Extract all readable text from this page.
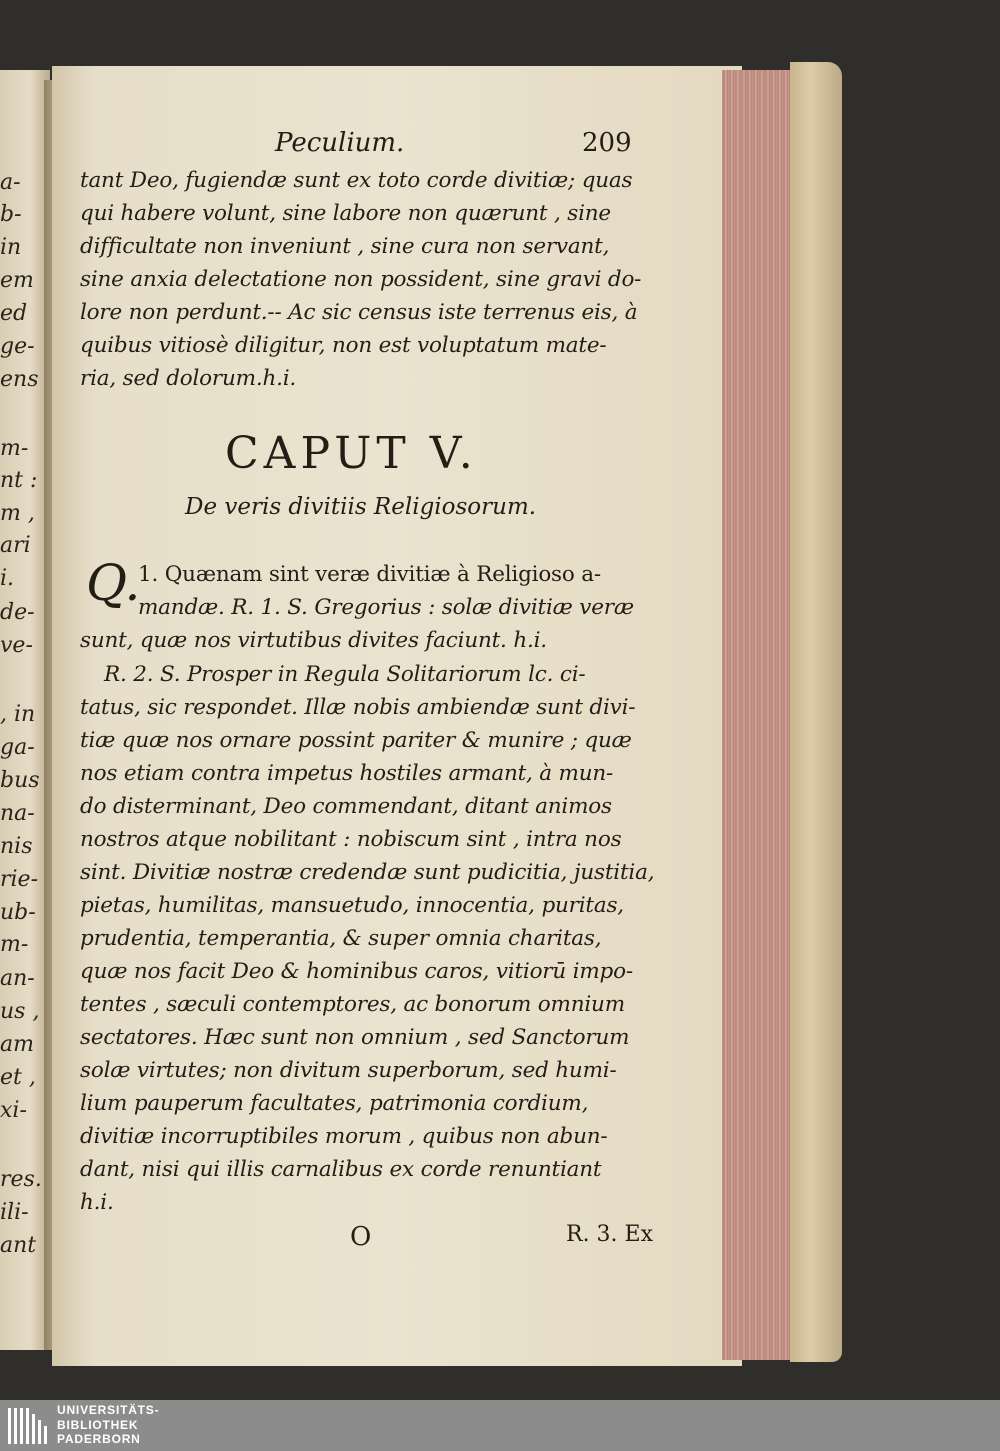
a-
b-
in
em
ed
ge-
ens
m-
nt :
m ,
ari
i.
de-
ve-
, in
ga-
bus
na-
nis
rie-
ub-
m-
an-
us ,
am
et ,
xi-
res.
ili-
ant
Peculium.	209
tant Deo, fugiendæ sunt ex toto corde divitiæ; quas
qui habere volunt, sine labore non quærunt , sine
difficultate non inveniunt , sine cura non servant,
sine anxia delectatione non possident, sine gravi do-
lore non perdunt.-- Ac sic census iste terrenus eis, à
quibus vitiosè diligitur, non est voluptatum mate-
ria, sed dolorum.h.i.
CAPUT V.
De veris divitiis Religiosorum.
Q.
1. Quænam sint veræ divitiæ à Religioso a-
mandæ. R. 1. S. Gregorius : solæ divitiæ veræ
sunt, quæ nos virtutibus divites faciunt. h.i.
R. 2. S. Prosper in Regula Solitariorum lc. ci-
tatus, sic respondet. Illæ nobis ambiendæ sunt divi-
tiæ quæ nos ornare possint pariter & munire ; quæ
nos etiam contra impetus hostiles armant, à mun-
do disterminant, Deo commendant, ditant animos
nostros atque nobilitant : nobiscum sint , intra nos
sint. Divitiæ nostræ credendæ sunt pudicitia, justitia,
pietas, humilitas, mansuetudo, innocentia, puritas,
prudentia, temperantia, & super omnia charitas,
quæ nos facit Deo & hominibus caros, vitiorū impo-
tentes , sæculi contemptores, ac bonorum omnium
sectatores. Hæc sunt non omnium , sed Sanctorum
solæ virtutes; non divitum superborum, sed humi-
lium pauperum facultates, patrimonia cordium,
divitiæ incorruptibiles morum , quibus non abun-
dant, nisi qui illis carnalibus ex corde renuntiant
h.i.
O	R. 3. Ex
UNIVERSITÄTS-
BIBLIOTHEK
PADERBORN
